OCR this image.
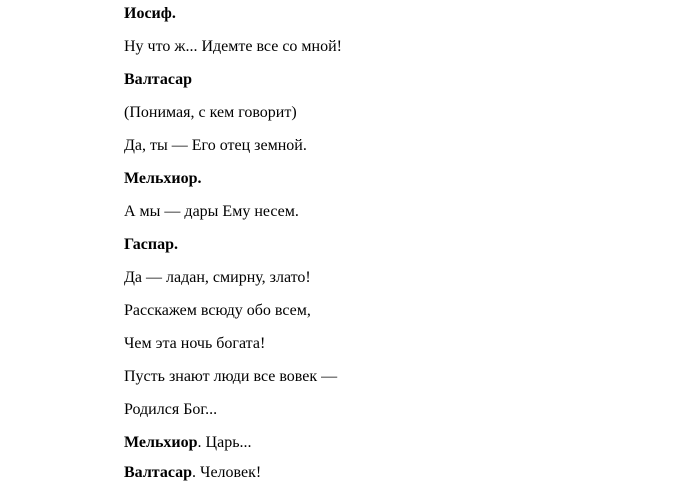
Иосиф.
Ну что ж... Идемте все со мной!
Валтасар
(Понимая, с кем говорит)
Да, ты — Его отец земной.
Мельхиор.
А мы — дары Ему несем.
Гаспар.
Да — ладан, смирну, злато!
Расскажем всюду обо всем,
Чем эта ночь богата!
Пусть знают люди все вовек —
Родился Бог...
Мельхиор. Царь...
Валтасар. Человек!
